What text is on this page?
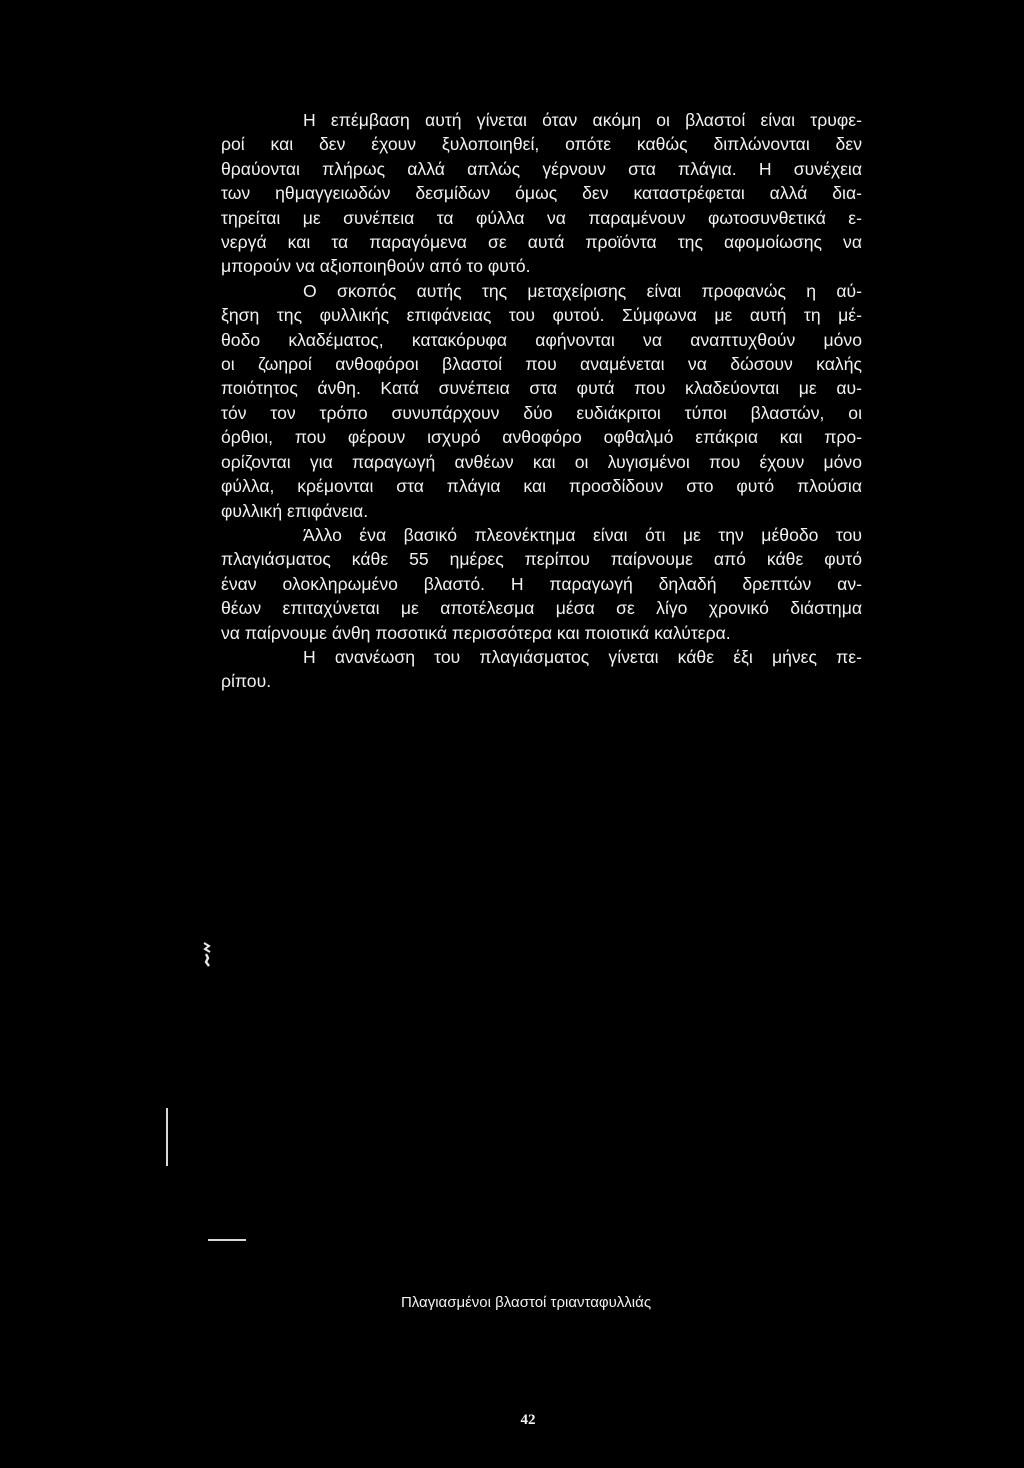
Η επέμβαση αυτή γίνεται όταν ακόμη οι βλαστοί είναι τρυφε-
ροί και δεν έχουν ξυλοποιηθεί, οπότε καθώς διπλώνονται δεν
θραύονται πλήρως αλλά απλώς γέρνουν στα πλάγια. Η συνέχεια
των ηθμαγγειωδών δεσμίδων όμως δεν καταστρέφεται αλλά δια-
τηρείται με συνέπεια τα φύλλα να παραμένουν φωτοσυνθετικά ε-
νεργά και τα παραγόμενα σε αυτά προϊόντα της αφομοίωσης να
μπορούν να αξιοποιηθούν από το φυτό.

Ο σκοπός αυτής της μεταχείρισης είναι προφανώς η αύ-
ξηση της φυλλικής επιφάνειας του φυτού. Σύμφωνα με αυτή τη μέ-
θοδο κλαδέματος, κατακόρυφα αφήνονται να αναπτυχθούν μόνο
οι ζωηροί ανθοφόροι βλαστοί που αναμένεται να δώσουν καλής
ποιότητος άνθη. Κατά συνέπεια στα φυτά που κλαδεύονται με αυ-
τόν τον τρόπο συνυπάρχουν δύο ευδιάκριτοι τύποι βλαστών, οι
όρθιοι, που φέρουν ισχυρό ανθοφόρο οφθαλμό επάκρια και προ-
ορίζονται για παραγωγή ανθέων και οι λυγισμένοι που έχουν μόνο
φύλλα, κρέμονται στα πλάγια και προσδίδουν στο φυτό πλούσια
φυλλική επιφάνεια.

Άλλο ένα βασικό πλεονέκτημα είναι ότι με την μέθοδο του
πλαγιάσματος κάθε 55 ημέρες περίπου παίρνουμε από κάθε φυτό
έναν ολοκληρωμένο βλαστό. Η παραγωγή δηλαδή δρεπτών αν-
θέων επιταχύνεται με αποτέλεσμα μέσα σε λίγο χρονικό διάστημα
να παίρνουμε άνθη ποσοτικά περισσότερα και ποιοτικά καλύτερα.

Η ανανέωση του πλαγιάσματος γίνεται κάθε έξι μήνες πε-
ρίπου.

Πλαγιασμένοι βλαστοί τριανταφυλλιάς
42
